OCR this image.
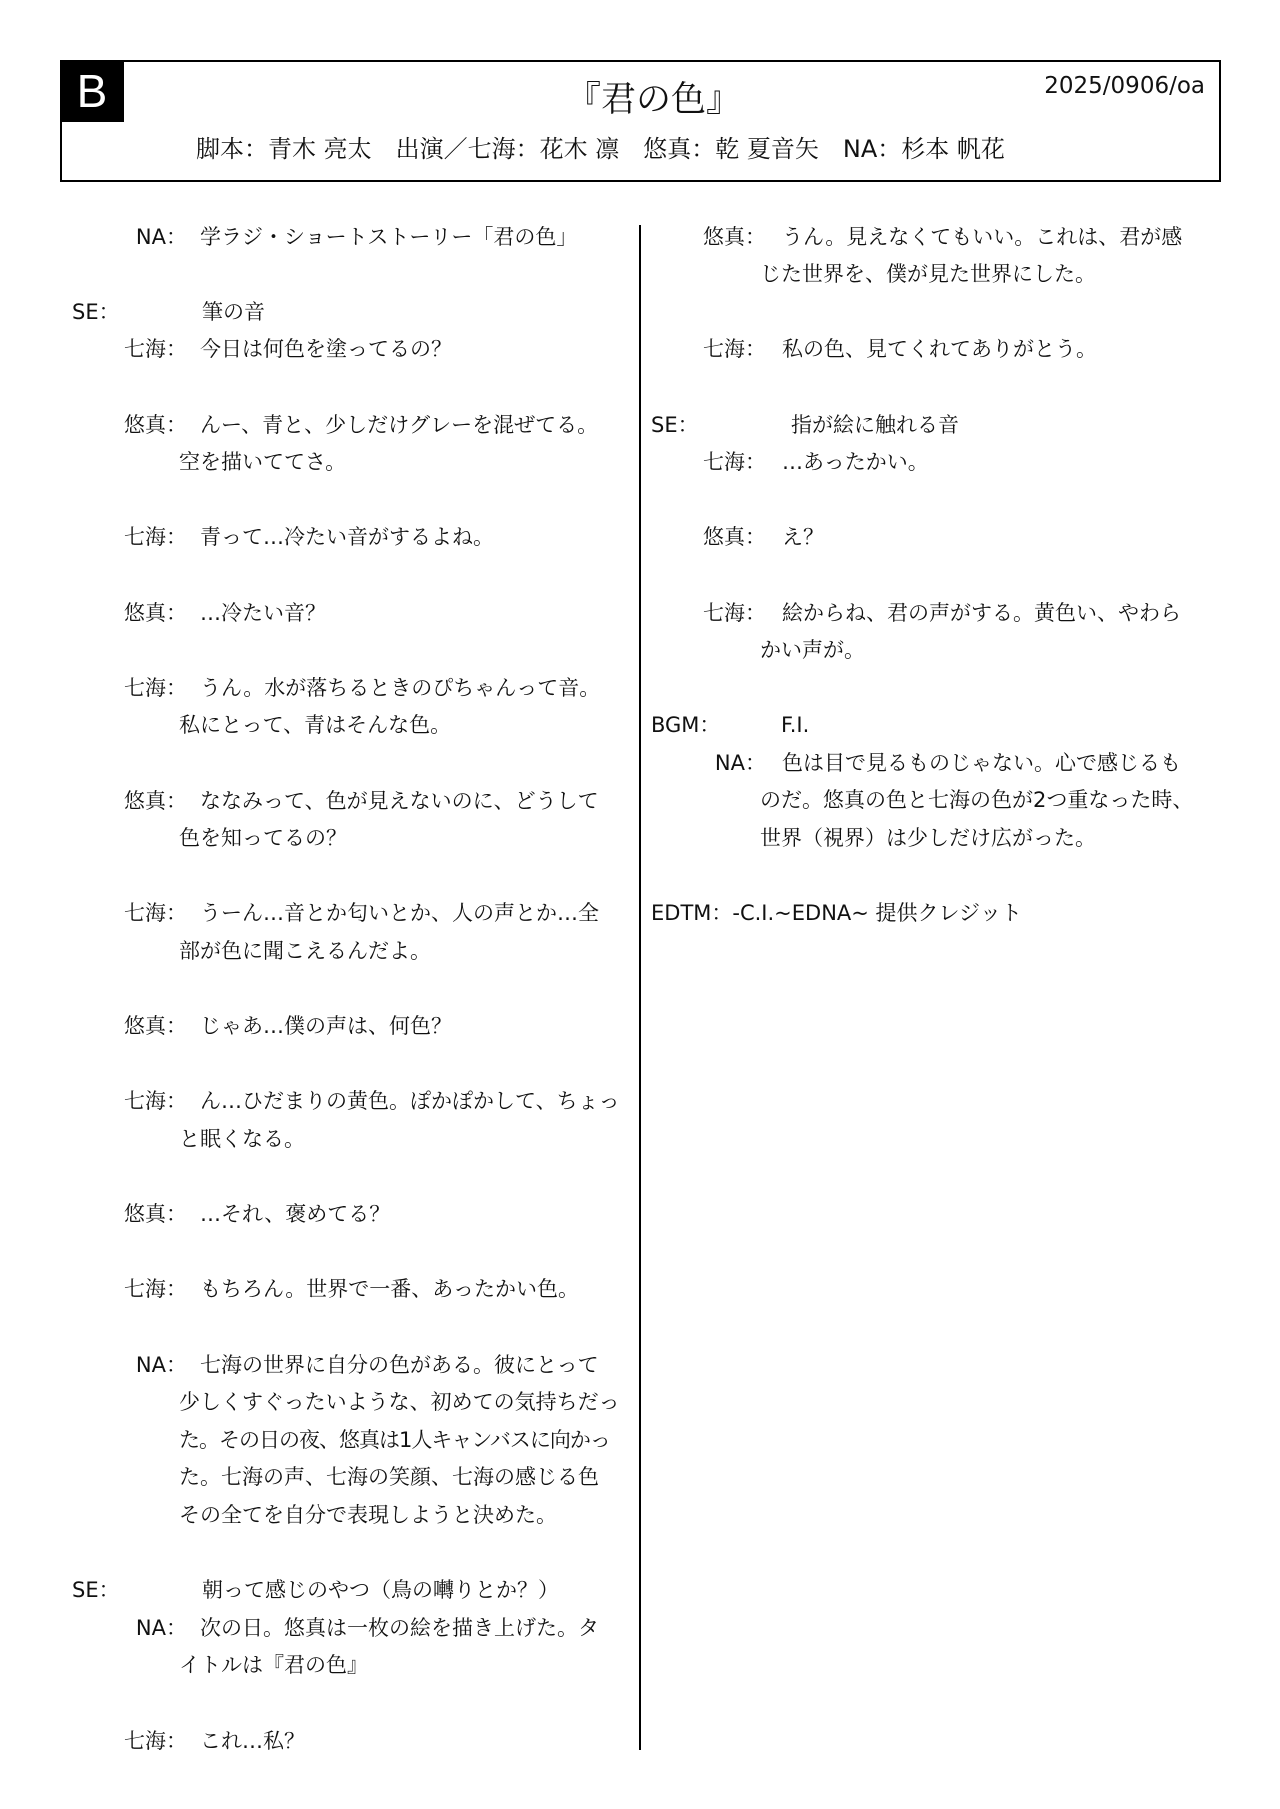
B	『君の色』	2025/0906/oa
脚本：青木 亮太　出演／七海：花木 凛　悠真：乾 夏音矢　NA：杉本 帆花
NA： 学ラジ・ショートストーリー「君の色」
SE：	筆の音
七海： 今日は何色を塗ってるの？
悠真： んー、青と、少しだけグレーを混ぜてる。
空を描いててさ。
七海： 青って…冷たい音がするよね。
悠真： …冷たい音？
七海： うん。水が落ちるときのぴちゃんって音。
私にとって、青はそんな色。
悠真： ななみって、色が見えないのに、どうして
色を知ってるの？
七海： うーん…音とか匂いとか、人の声とか…全
部が色に聞こえるんだよ。
悠真： じゃあ…僕の声は、何色？
七海： ん…ひだまりの黄色。ぽかぽかして、ちょっ
と眠くなる。
悠真： …それ、褒めてる？
七海： もちろん。世界で一番、あったかい色。
NA： 七海の世界に自分の色がある。彼にとって
少しくすぐったいような、初めての気持ちだっ
た。その日の夜、悠真は1人キャンバスに向かっ
た。七海の声、七海の笑顔、七海の感じる色
その全てを自分で表現しようと決めた。
SE：	朝って感じのやつ（鳥の囀りとか？）
NA： 次の日。悠真は一枚の絵を描き上げた。タ
イトルは『君の色』
七海： これ…私？
悠真： うん。見えなくてもいい。これは、君が感
じた世界を、僕が見た世界にした。
七海： 私の色、見てくれてありがとう。
SE：	指が絵に触れる音
七海： …あったかい。
悠真： え？
七海： 絵からね、君の声がする。黄色い、やわら
かい声が。
BGM：	F.I.
NA： 色は目で見るものじゃない。心で感じるも
のだ。悠真の色と七海の色が2つ重なった時、
世界（視界）は少しだけ広がった。
EDTM：-C.I.~EDNA~ 提供クレジット
